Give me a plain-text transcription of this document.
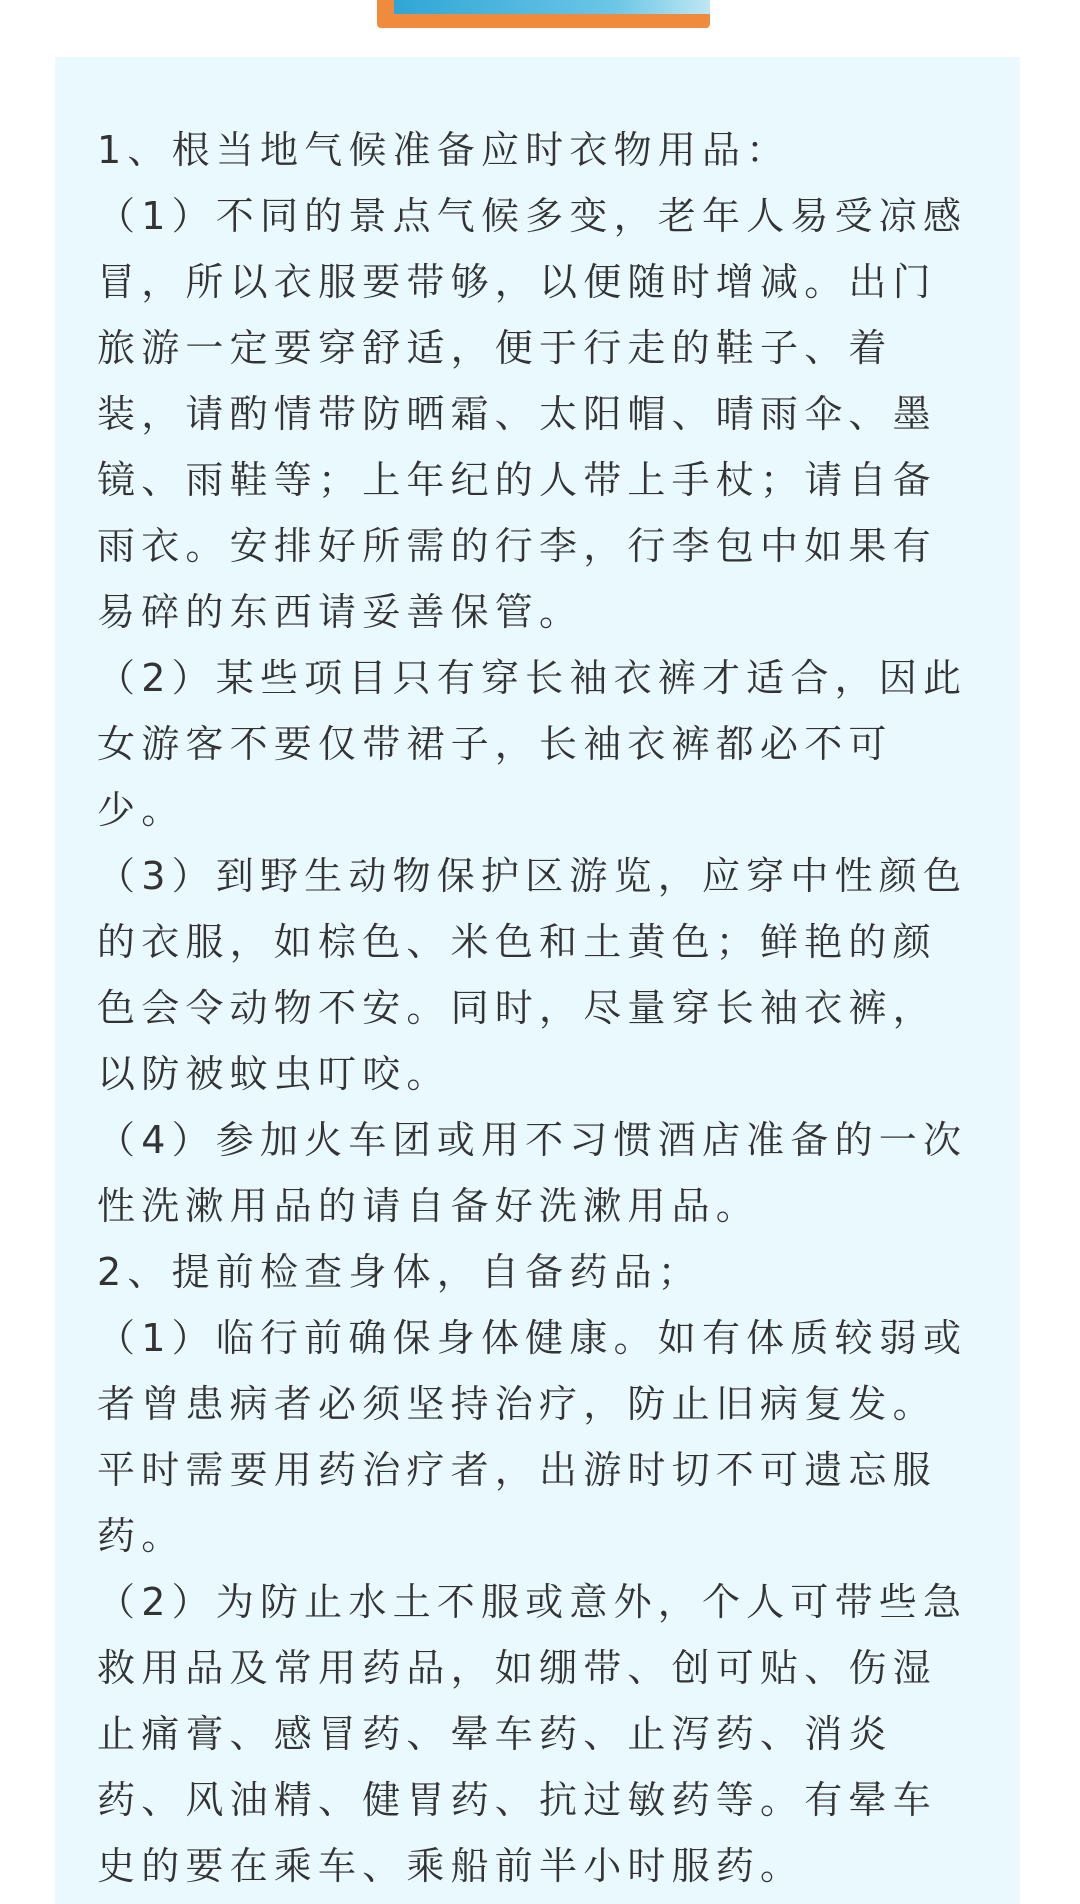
1、根当地气候准备应时衣物用品：
（1）不同的景点气候多变，老年人易受凉感
冒，所以衣服要带够，以便随时增减。出门
旅游一定要穿舒适，便于行走的鞋子、着
装，请酌情带防晒霜、太阳帽、晴雨伞、墨
镜、雨鞋等；上年纪的人带上手杖；请自备
雨衣。安排好所需的行李，行李包中如果有
易碎的东西请妥善保管。
（2）某些项目只有穿长袖衣裤才适合，因此
女游客不要仅带裙子，长袖衣裤都必不可
少。
（3）到野生动物保护区游览，应穿中性颜色
的衣服，如棕色、米色和土黄色；鲜艳的颜
色会令动物不安。同时，尽量穿长袖衣裤，
以防被蚊虫叮咬。
（4）参加火车团或用不习惯酒店准备的一次
性洗漱用品的请自备好洗漱用品。
2、提前检查身体，自备药品；
（1）临行前确保身体健康。如有体质较弱或
者曾患病者必须坚持治疗，防止旧病复发。
平时需要用药治疗者，出游时切不可遗忘服
药。
（2）为防止水土不服或意外，个人可带些急
救用品及常用药品，如绷带、创可贴、伤湿
止痛膏、感冒药、晕车药、止泻药、消炎
药、风油精、健胃药、抗过敏药等。有晕车
史的要在乘车、乘船前半小时服药。
